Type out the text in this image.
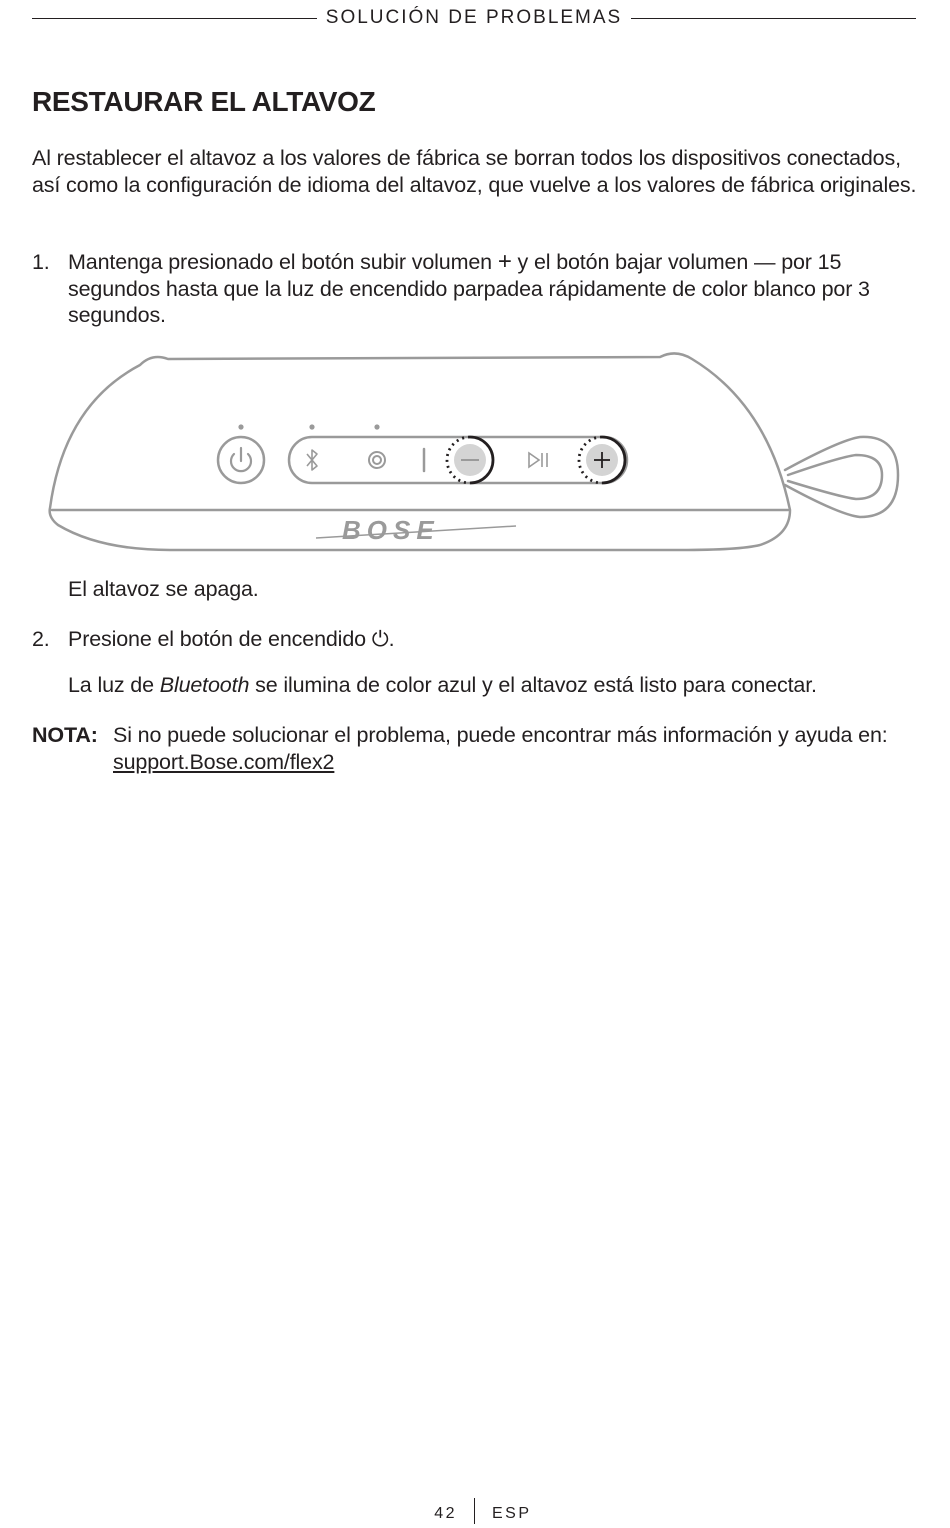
SOLUCIÓN DE PROBLEMAS
RESTAURAR EL ALTAVOZ

Al restablecer el altavoz a los valores de fábrica se borran todos los dispositivos conectados, así como la configuración de idioma del altavoz, que vuelve a los valores de fábrica originales.

1. Mantenga presionado el botón subir volumen + y el botón bajar volumen — por 15 segundos hasta que la luz de encendido parpadea rápidamente de color blanco por 3 segundos.
BOSE
El altavoz se apaga.
2. Presione el botón de encendido ⏻.
La luz de Bluetooth se ilumina de color azul y el altavoz está listo para conectar.
NOTA: Si no puede solucionar el problema, puede encontrar más información y ayuda en: support.Bose.com/flex2
42 ESP
